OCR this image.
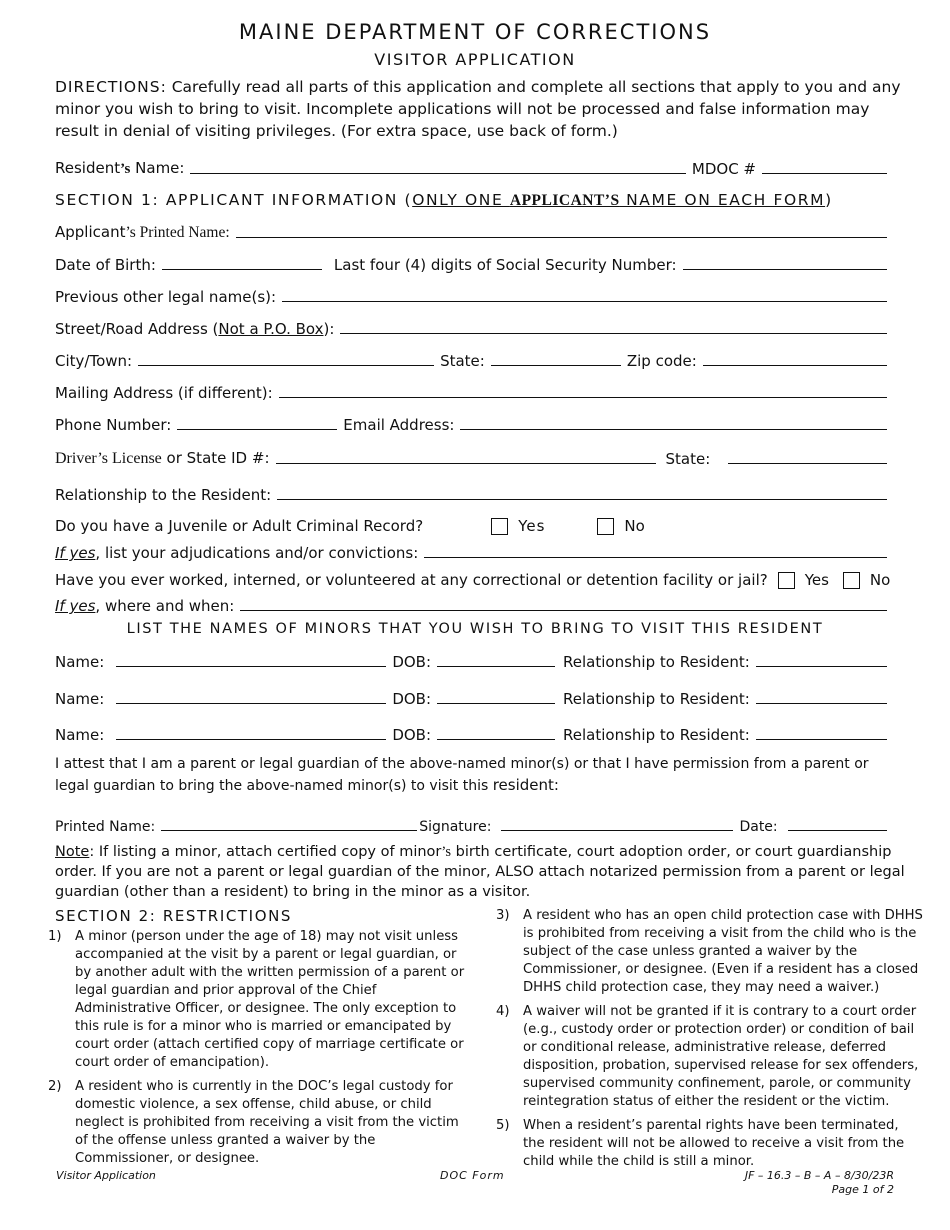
MAINE DEPARTMENT OF CORRECTIONS
VISITOR APPLICATION
DIRECTIONS: Carefully read all parts of this application and complete all sections that apply to you and any minor you wish to bring to visit. Incomplete applications will not be processed and false information may result in denial of visiting privileges. (For extra space, use back of form.)
Resident’s Name:	MDOC #
SECTION 1: APPLICANT INFORMATION (ONLY ONE APPLICANT’S NAME ON EACH FORM)
Applicant’s Printed Name:
Date of Birth:	Last four (4) digits of Social Security Number:
Previous other legal name(s):
Street/Road Address (Not a P.O. Box):
City/Town:	State:	Zip code:
Mailing Address (if different):
Phone Number:	Email Address:
Driver’s License or State ID #:	State:
Relationship to the Resident:
Do you have a Juvenile or Adult Criminal Record?	Yes	No
If yes, list your adjudications and/or convictions:
Have you ever worked, interned, or volunteered at any correctional or detention facility or jail? Yes	No
If yes, where and when:
LIST THE NAMES OF MINORS THAT YOU WISH TO BRING TO VISIT THIS RESIDENT
Name:	DOB:	Relationship to Resident:
Name:	DOB:	Relationship to Resident:
Name:	DOB:	Relationship to Resident:
I attest that I am a parent or legal guardian of the above-named minor(s) or that I have permission from a parent or legal guardian to bring the above-named minor(s) to visit this resident:
Printed Name:	Signature:	Date:
Note: If listing a minor, attach certified copy of minor’s birth certificate, court adoption order, or court guardianship order. If you are not a parent or legal guardian of the minor, ALSO attach notarized permission from a parent or legal guardian (other than a resident) to bring in the minor as a visitor.
SECTION 2: RESTRICTIONS
1) A minor (person under the age of 18) may not visit unless accompanied at the visit by a parent or legal guardian, or by another adult with the written permission of a parent or legal guardian and prior approval of the Chief Administrative Officer, or designee. The only exception to this rule is for a minor who is married or emancipated by court order (attach certified copy of marriage certificate or court order of emancipation).
2) A resident who is currently in the DOC’s legal custody for domestic violence, a sex offense, child abuse, or child neglect is prohibited from receiving a visit from the victim of the offense unless granted a waiver by the Commissioner, or designee.
3) A resident who has an open child protection case with DHHS is prohibited from receiving a visit from the child who is the subject of the case unless granted a waiver by the Commissioner, or designee. (Even if a resident has a closed DHHS child protection case, they may need a waiver.)
4) A waiver will not be granted if it is contrary to a court order (e.g., custody order or protection order) or condition of bail or conditional release, administrative release, deferred disposition, probation, supervised release for sex offenders, supervised community confinement, parole, or community reintegration status of either the resident or the victim.
5) When a resident’s parental rights have been terminated, the resident will not be allowed to receive a visit from the child while the child is still a minor.
Visitor Application	DOC Form	JF – 16.3 – B – A – 8/30/23R
Page 1 of 2
